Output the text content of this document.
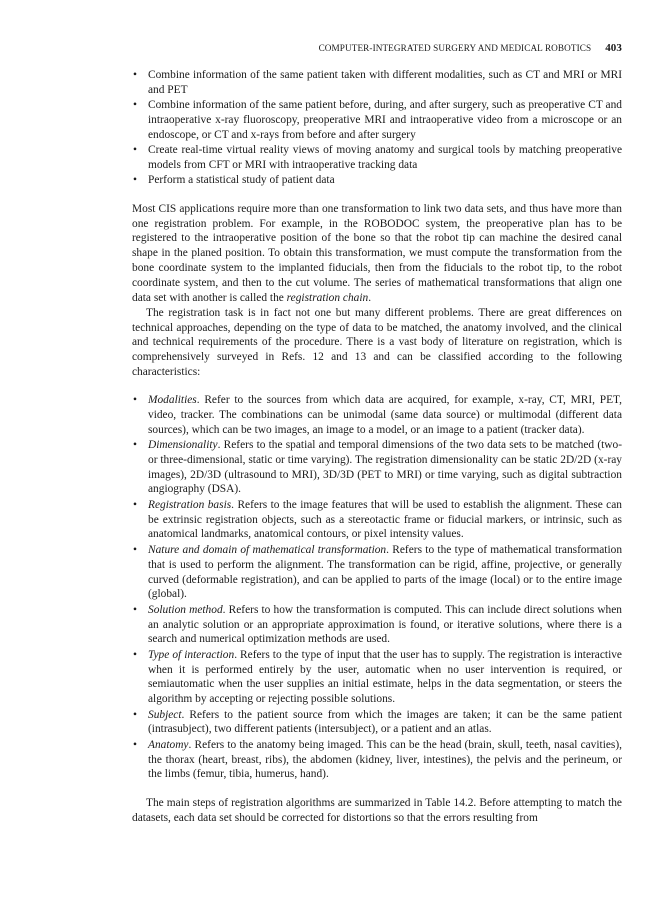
COMPUTER-INTEGRATED SURGERY AND MEDICAL ROBOTICS 403
• Combine information of the same patient taken with different modalities, such as CT and MRI or MRI and PET
• Combine information of the same patient before, during, and after surgery, such as preoperative CT and intraoperative x-ray fluoroscopy, preoperative MRI and intraoperative video from a microscope or an endoscope, or CT and x-rays from before and after surgery
• Create real-time virtual reality views of moving anatomy and surgical tools by matching preoperative models from CFT or MRI with intraoperative tracking data
• Perform a statistical study of patient data

Most CIS applications require more than one transformation to link two data sets, and thus have more than one registration problem. For example, in the ROBODOC system, the preoperative plan has to be registered to the intraoperative position of the bone so that the robot tip can machine the desired canal shape in the planed position. To obtain this transformation, we must compute the transformation from the bone coordinate system to the implanted fiducials, then from the fiducials to the robot tip, to the robot coordinate system, and then to the cut volume. The series of mathematical transformations that align one data set with another is called the registration chain.

The registration task is in fact not one but many different problems. There are great differences on technical approaches, depending on the type of data to be matched, the anatomy involved, and the clinical and technical requirements of the procedure. There is a vast body of literature on registration, which is comprehensively surveyed in Refs. 12 and 13 and can be classified according to the following characteristics:

• Modalities. Refer to the sources from which data are acquired, for example, x-ray, CT, MRI, PET, video, tracker. The combinations can be unimodal (same data source) or multimodal (different data sources), which can be two images, an image to a model, or an image to a patient (tracker data).
• Dimensionality. Refers to the spatial and temporal dimensions of the two data sets to be matched (two- or three-dimensional, static or time varying). The registration dimensionality can be static 2D/2D (x-ray images), 2D/3D (ultrasound to MRI), 3D/3D (PET to MRI) or time varying, such as digital subtraction angiography (DSA).
• Registration basis. Refers to the image features that will be used to establish the alignment. These can be extrinsic registration objects, such as a stereotactic frame or fiducial markers, or intrinsic, such as anatomical landmarks, anatomical contours, or pixel intensity values.
• Nature and domain of mathematical transformation. Refers to the type of mathematical transformation that is used to perform the alignment. The transformation can be rigid, affine, projective, or generally curved (deformable registration), and can be applied to parts of the image (local) or to the entire image (global).
• Solution method. Refers to how the transformation is computed. This can include direct solutions when an analytic solution or an appropriate approximation is found, or iterative solutions, where there is a search and numerical optimization methods are used.
• Type of interaction. Refers to the type of input that the user has to supply. The registration is interactive when it is performed entirely by the user, automatic when no user intervention is required, or semiautomatic when the user supplies an initial estimate, helps in the data segmentation, or steers the algorithm by accepting or rejecting possible solutions.
• Subject. Refers to the patient source from which the images are taken; it can be the same patient (intrasubject), two different patients (intersubject), or a patient and an atlas.
• Anatomy. Refers to the anatomy being imaged. This can be the head (brain, skull, teeth, nasal cavities), the thorax (heart, breast, ribs), the abdomen (kidney, liver, intestines), the pelvis and the perineum, or the limbs (femur, tibia, humerus, hand).

The main steps of registration algorithms are summarized in Table 14.2. Before attempting to match the datasets, each data set should be corrected for distortions so that the errors resulting from
